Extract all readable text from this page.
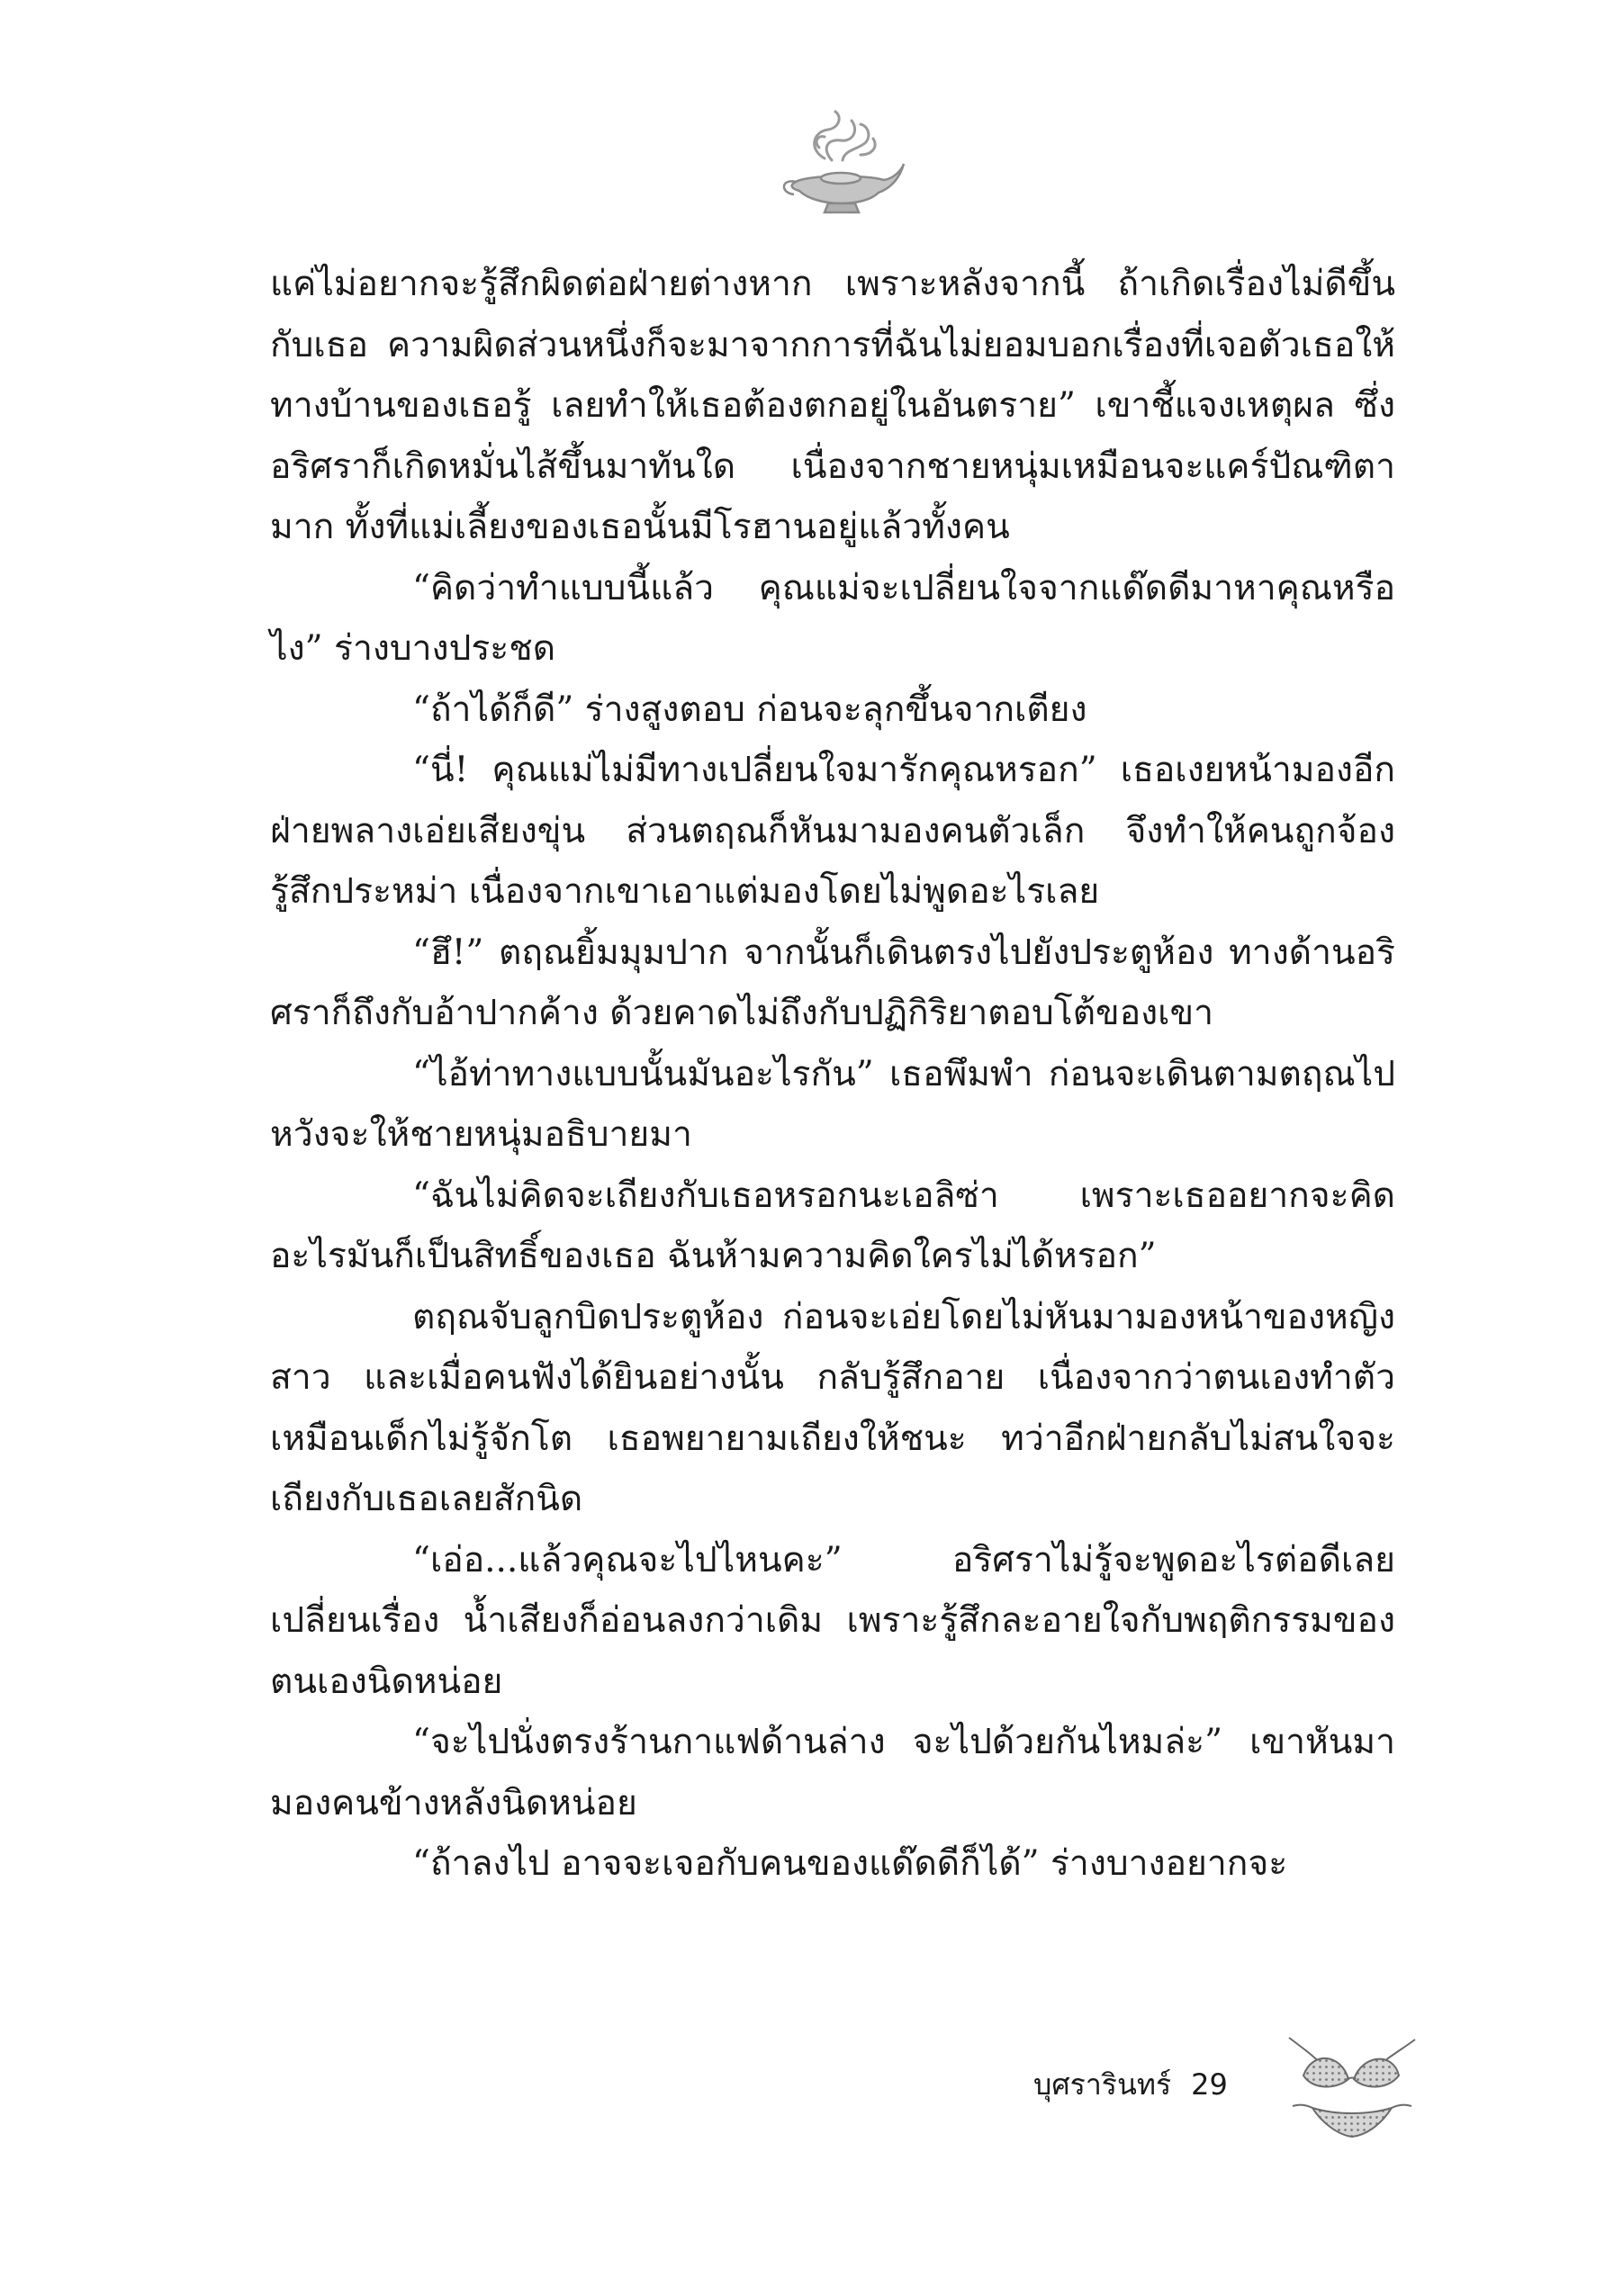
แค่ไม่อยากจะรู้สึกผิดต่อฝ่ายต่างหาก เพราะหลังจากนี้ ถ้าเกิดเรื่องไม่ดีขึ้นกับเธอ ความผิดส่วนหนึ่งก็จะมาจากการที่ฉันไม่ยอมบอกเรื่องที่เจอตัวเธอให้ทางบ้านของเธอรู้ เลยทำให้เธอต้องตกอยู่ในอันตราย” เขาชี้แจงเหตุผล ซึ่งอริศราก็เกิดหมั่นไส้ขึ้นมาทันใด เนื่องจากชายหนุ่มเหมือนจะแคร์ปัณฑิตามาก ทั้งที่แม่เลี้ยงของเธอนั้นมีโรฮานอยู่แล้วทั้งคน

“คิดว่าทำแบบนี้แล้ว คุณแม่จะเปลี่ยนใจจากแด๊ดดีมาหาคุณหรือไง” ร่างบางประชด

“ถ้าได้ก็ดี” ร่างสูงตอบ ก่อนจะลุกขึ้นจากเตียง

“นี่! คุณแม่ไม่มีทางเปลี่ยนใจมารักคุณหรอก” เธอเงยหน้ามองอีกฝ่ายพลางเอ่ยเสียงขุ่น ส่วนตฤณก็หันมามองคนตัวเล็ก จึงทำให้คนถูกจ้องรู้สึกประหม่า เนื่องจากเขาเอาแต่มองโดยไม่พูดอะไรเลย

“ฮึ!” ตฤณยิ้มมุมปาก จากนั้นก็เดินตรงไปยังประตูห้อง ทางด้านอริศราก็ถึงกับอ้าปากค้าง ด้วยคาดไม่ถึงกับปฏิกิริยาตอบโต้ของเขา

“ไอ้ท่าทางแบบนั้นมันอะไรกัน” เธอพึมพำ ก่อนจะเดินตามตฤณไป หวังจะให้ชายหนุ่มอธิบายมา

“ฉันไม่คิดจะเถียงกับเธอหรอกนะเอลิซ่า เพราะเธออยากจะคิดอะไรมันก็เป็นสิทธิ์ของเธอ ฉันห้ามความคิดใครไม่ได้หรอก”

ตฤณจับลูกบิดประตูห้อง ก่อนจะเอ่ยโดยไม่หันมามองหน้าของหญิงสาว และเมื่อคนฟังได้ยินอย่างนั้น กลับรู้สึกอาย เนื่องจากว่าตนเองทำตัวเหมือนเด็กไม่รู้จักโต เธอพยายามเถียงให้ชนะ ทว่าอีกฝ่ายกลับไม่สนใจจะเถียงกับเธอเลยสักนิด

“เอ่อ...แล้วคุณจะไปไหนคะ” อริศราไม่รู้จะพูดอะไรต่อดีเลยเปลี่ยนเรื่อง น้ำเสียงก็อ่อนลงกว่าเดิม เพราะรู้สึกละอายใจกับพฤติกรรมของตนเองนิดหน่อย

“จะไปนั่งตรงร้านกาแฟด้านล่าง จะไปด้วยกันไหมล่ะ” เขาหันมามองคนข้างหลังนิดหน่อย

“ถ้าลงไป อาจจะเจอกับคนของแด๊ดดีก็ได้” ร่างบางอยากจะ

บุศรารินทร์ 29
